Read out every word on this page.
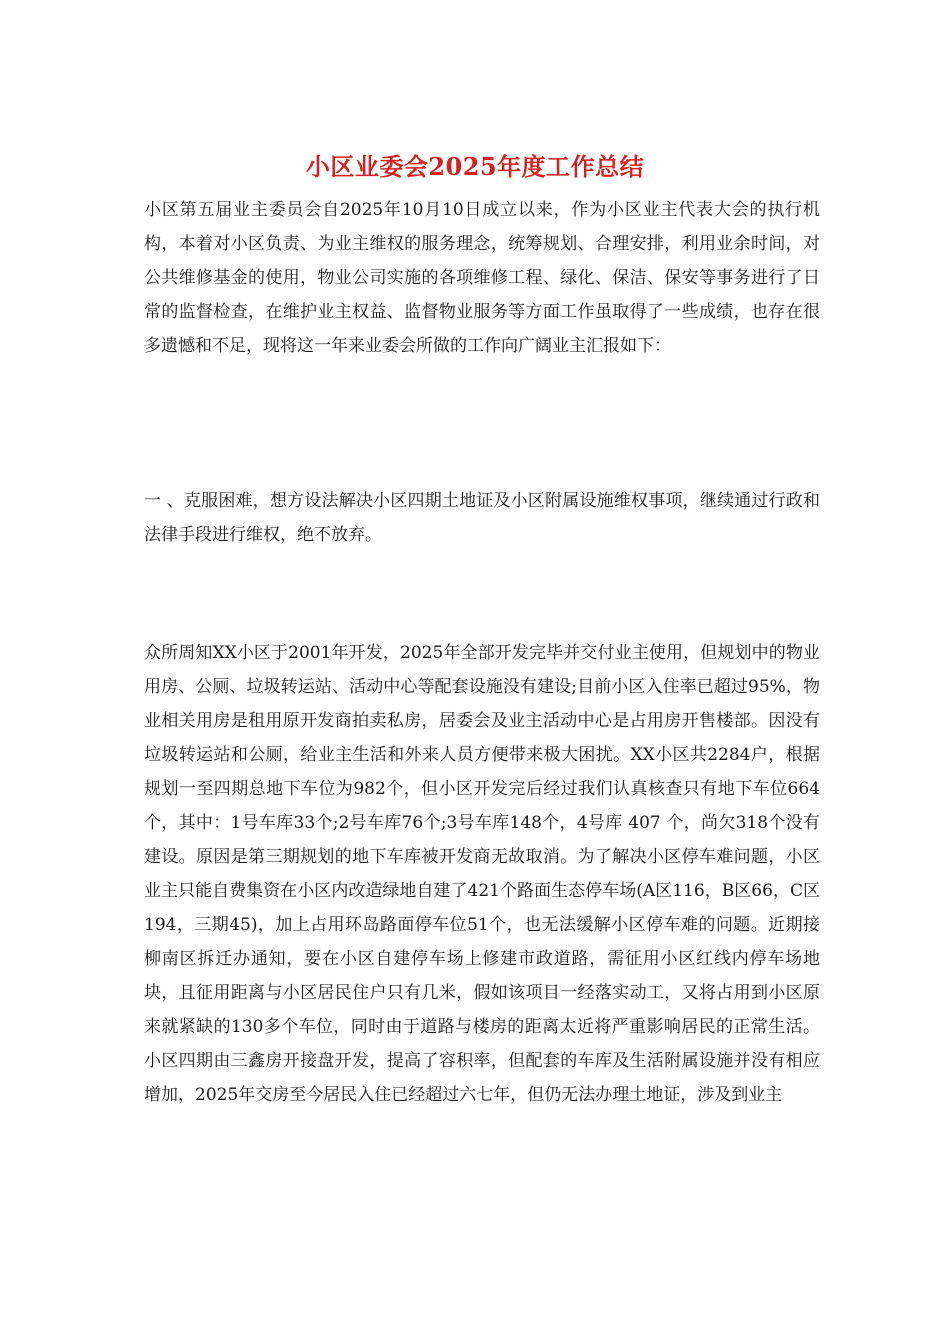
小区业委会2025年度工作总结
小区第五届业主委员会自2025年10月10日成立以来，作为小区业主代表大会的执行机构，本着对小区负责、为业主维权的服务理念，统筹规划、合理安排，利用业余时间，对公共维修基金的使用，物业公司实施的各项维修工程、绿化、保洁、保安等事务进行了日常的监督检查，在维护业主权益、监督物业服务等方面工作虽取得了一些成绩，也存在很多遗憾和不足，现将这一年来业委会所做的工作向广阔业主汇报如下：
一 、克服困难，想方设法解决小区四期土地证及小区附属设施维权事项，继续通过行政和法律手段进行维权，绝不放弃。
众所周知XX小区于2001年开发，2025年全部开发完毕并交付业主使用，但规划中的物业用房、公厕、垃圾转运站、活动中心等配套设施没有建设;目前小区入住率已超过95%，物业相关用房是租用原开发商拍卖私房，居委会及业主活动中心是占用房开售楼部。因没有垃圾转运站和公厕，给业主生活和外来人员方便带来极大困扰。XX小区共2284户，根据规划一至四期总地下车位为982个，但小区开发完后经过我们认真核查只有地下车位664个，其中：1号车库33个;2号车库76个;3号车库148个，4号库 407 个，尚欠318个没有建设。原因是第三期规划的地下车库被开发商无故取消。为了解决小区停车难问题，小区业主只能自费集资在小区内改造绿地自建了421个路面生态停车场(A区116，B区66，C区194，三期45)，加上占用环岛路面停车位51个，也无法缓解小区停车难的问题。近期接柳南区拆迁办通知，要在小区自建停车场上修建市政道路，需征用小区红线内停车场地块，且征用距离与小区居民住户只有几米，假如该项目一经落实动工，又将占用到小区原来就紧缺的130多个车位，同时由于道路与楼房的距离太近将严重影响居民的正常生活。小区四期由三鑫房开接盘开发，提高了容积率，但配套的车库及生活附属设施并没有相应增加，2025年交房至今居民入住已经超过六七年，但仍无法办理土地证，涉及到业主
